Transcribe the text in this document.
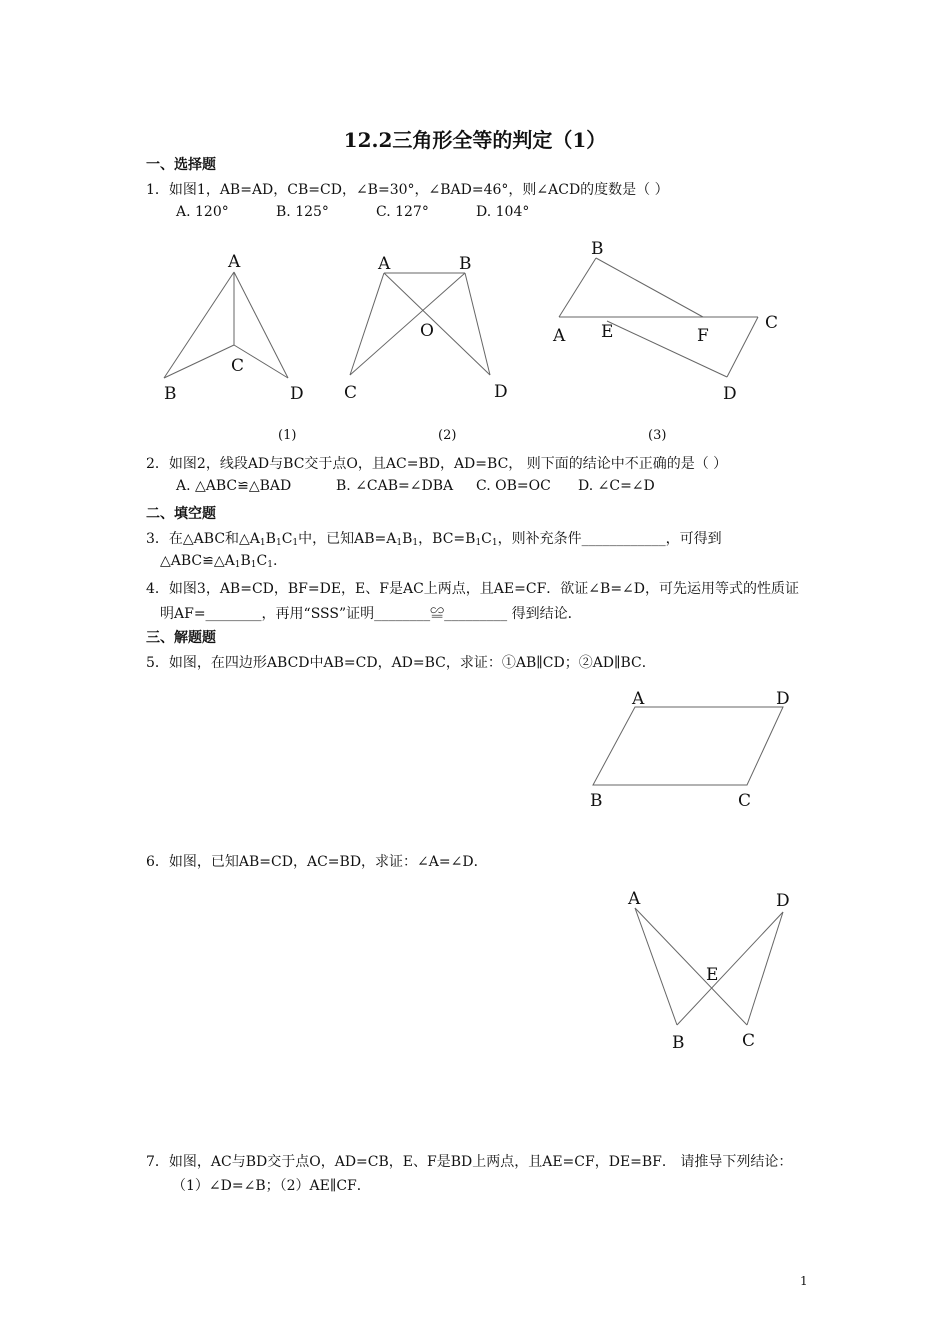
12.2三角形全等的判定（1）
一、选择题
1．如图1，AB=AD，CB=CD，∠B=30°，∠BAD=46°，则∠ACD的度数是（ ）
A. 120°	B. 125°	C. 127°	D. 104°
A
B
C
D
A	B
O
C	D
B
A E	F
C
D
(1)	(2)	(3)
2．如图2，线段AD与BC交于点O，且AC=BD，AD=BC， 则下面的结论中不正确的是（ ）
A. △ABC≌△BAD	B. ∠CAB=∠DBA C. OB=OC D. ∠C=∠D
二、填空题
3．在△ABC和$\triangle A_1B_1C_1$中，已知$AB=A_1B_1$，$BC=B_1C_1$，则补充条件____________，可得到
$\triangle ABC≌\triangle A_1B_1C_1$.
4．如图3，AB=CD，BF=DE，E、F是AC上两点，且AE=CF．欲证∠B=∠D，可先运用等式的性质证
明AF=________，再用“SSS”证明________≌_________ 得到结论．
三、解题题
5．如图，在四边形ABCD中AB=CD，AD=BC，求证：①AB∥CD；②AD∥BC．
A	D
B	C
6．如图，已知AB=CD，AC=BD，求证：∠A=∠D．
A	D
E
B	C
7．如图，AC与BD交于点O，AD=CB，E、F是BD上两点，且AE=CF，DE=BF． 请推导下列结论：
（1）∠D=∠B；（2）AE∥CF．
1
